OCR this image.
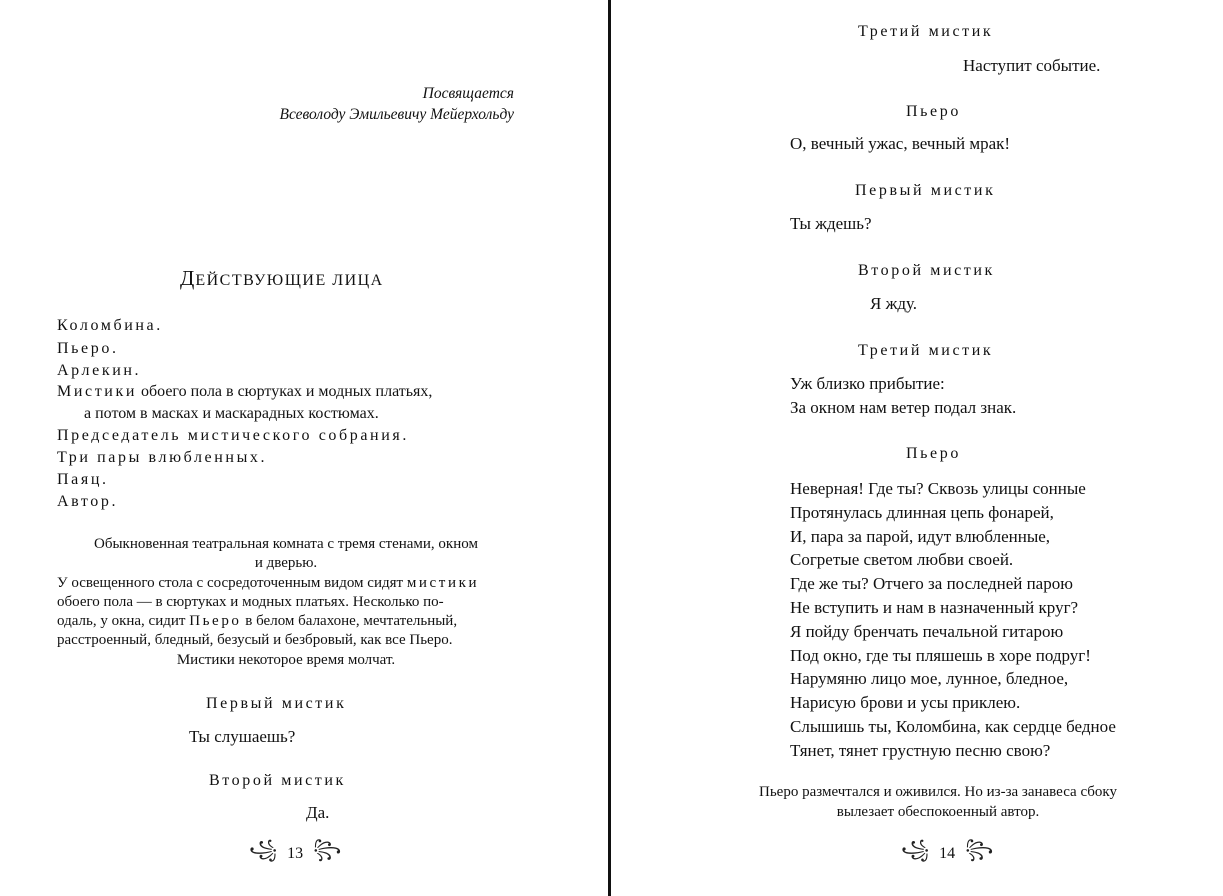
Посвящается
Всеволоду Эмильевичу Мейерхольду
ДЕЙСТВУЮЩИЕ ЛИЦА
Коломбина.
Пьеро.
Арлекин.
Мистики обоего пола в сюртуках и модных платьях,
а потом в масках и маскарадных костюмах.
Председатель мистического собрания.
Три пары влюбленных.
Паяц.
Автор.
Обыкновенная театральная комната с тремя стенами, окном
и дверью.
У освещенного стола с сосредоточенным видом сидят мистики
обоего пола — в сюртуках и модных платьях. Несколько по-
одаль, у окна, сидит Пьеро в белом балахоне, мечтательный,
расстроенный, бледный, безусый и безбровый, как все Пьеро.
Мистики некоторое время молчат.
Первый мистик
Ты слушаешь?
Второй мистик
Да.
꧁ 13 ꧂
Третий мистик
Наступит событие.
Пьеро
О, вечный ужас, вечный мрак!
Первый мистик
Ты ждешь?
Второй мистик
Я жду.
Третий мистик
Уж близко прибытие:
За окном нам ветер подал знак.
Пьеро
Неверная! Где ты? Сквозь улицы сонные
Протянулась длинная цепь фонарей,
И, пара за парой, идут влюбленные,
Согретые светом любви своей.
Где же ты? Отчего за последней парою
Не вступить и нам в назначенный круг?
Я пойду бренчать печальной гитарою
Под окно, где ты пляшешь в хоре подруг!
Нарумяню лицо мое, лунное, бледное,
Нарисую брови и усы приклею.
Слышишь ты, Коломбина, как сердце бедное
Тянет, тянет грустную песню свою?
Пьеро размечтался и оживился. Но из-за занавеса сбоку
вылезает обеспокоенный автор.
꧁ 14 ꧂
